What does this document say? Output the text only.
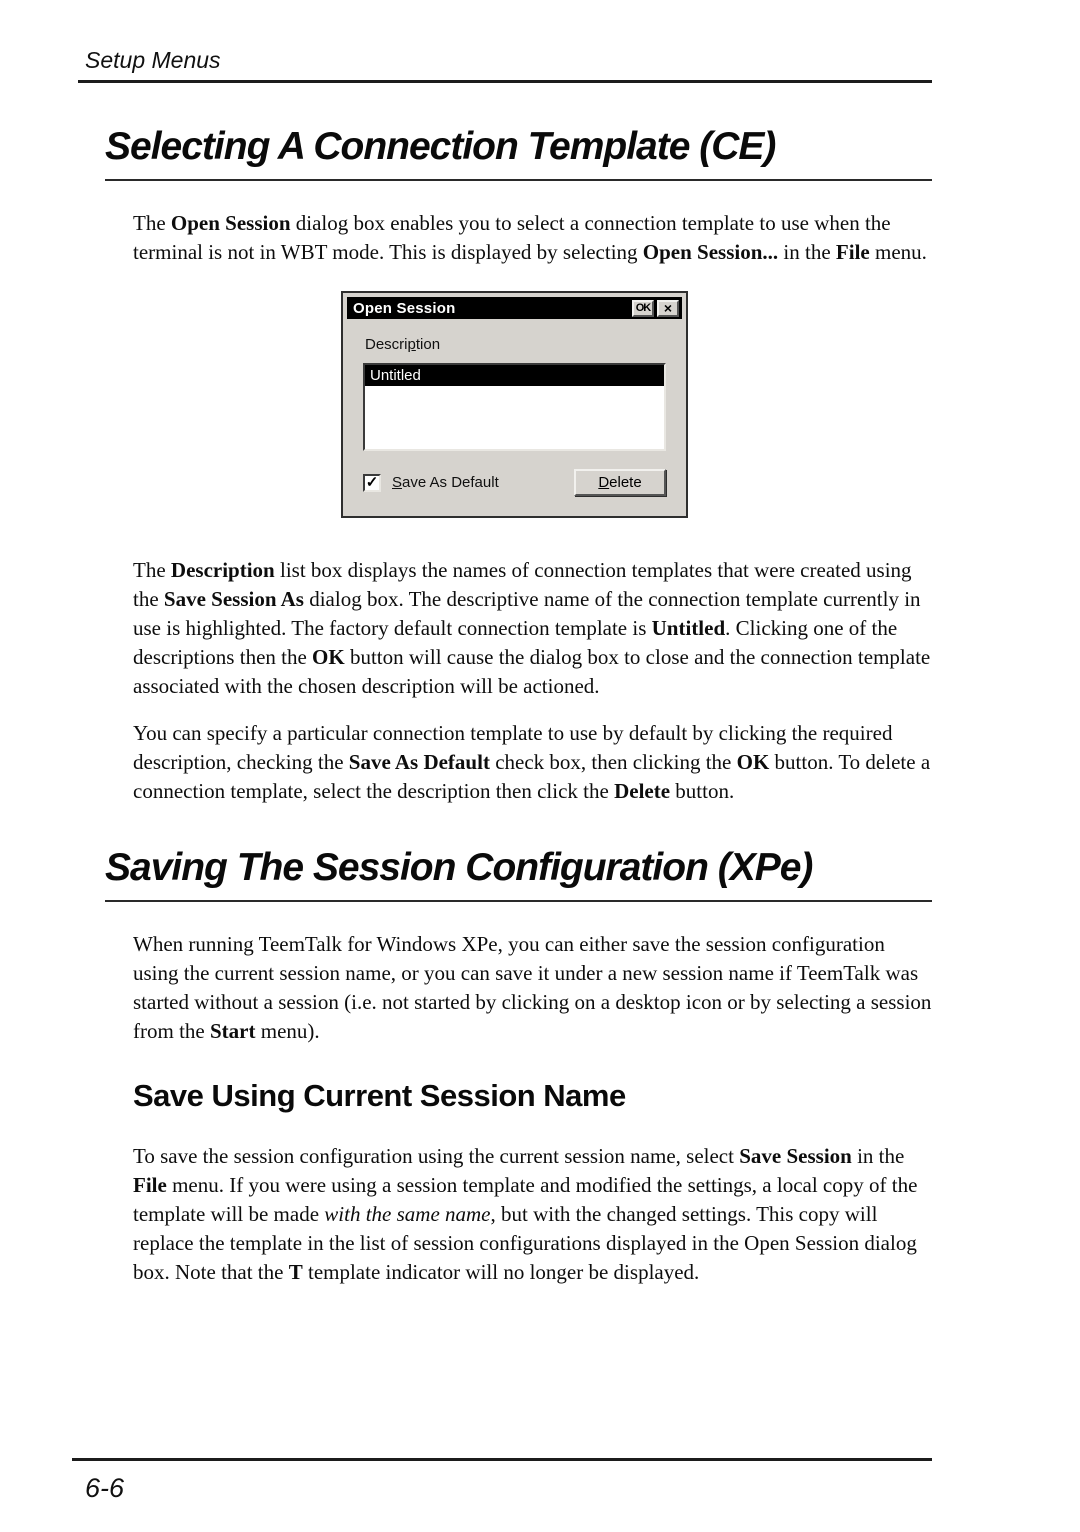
Setup Menus
Selecting A Connection Template (CE)

The Open Session dialog box enables you to select a connection template to use when the terminal is not in WBT mode. This is displayed by selecting Open Session... in the File menu.

Open Session	OK ×
Description
Untitled
✓ Save As Default	Delete

The Description list box displays the names of connection templates that were created using the Save Session As dialog box. The descriptive name of the connection template currently in use is highlighted. The factory default connection template is Untitled. Clicking one of the descriptions then the OK button will cause the dialog box to close and the connection template associated with the chosen description will be actioned.

You can specify a particular connection template to use by default by clicking the required description, checking the Save As Default check box, then clicking the OK button. To delete a connection template, select the description then click the Delete button.

Saving The Session Configuration (XPe)

When running TeemTalk for Windows XPe, you can either save the session configuration using the current session name, or you can save it under a new session name if TeemTalk was started without a session (i.e. not started by clicking on a desktop icon or by selecting a session from the Start menu).

Save Using Current Session Name

To save the session configuration using the current session name, select Save Session in the File menu. If you were using a session template and modified the settings, a local copy of the template will be made with the same name, but with the changed settings. This copy will replace the template in the list of session configurations displayed in the Open Session dialog box. Note that the T template indicator will no longer be displayed.

6-6
